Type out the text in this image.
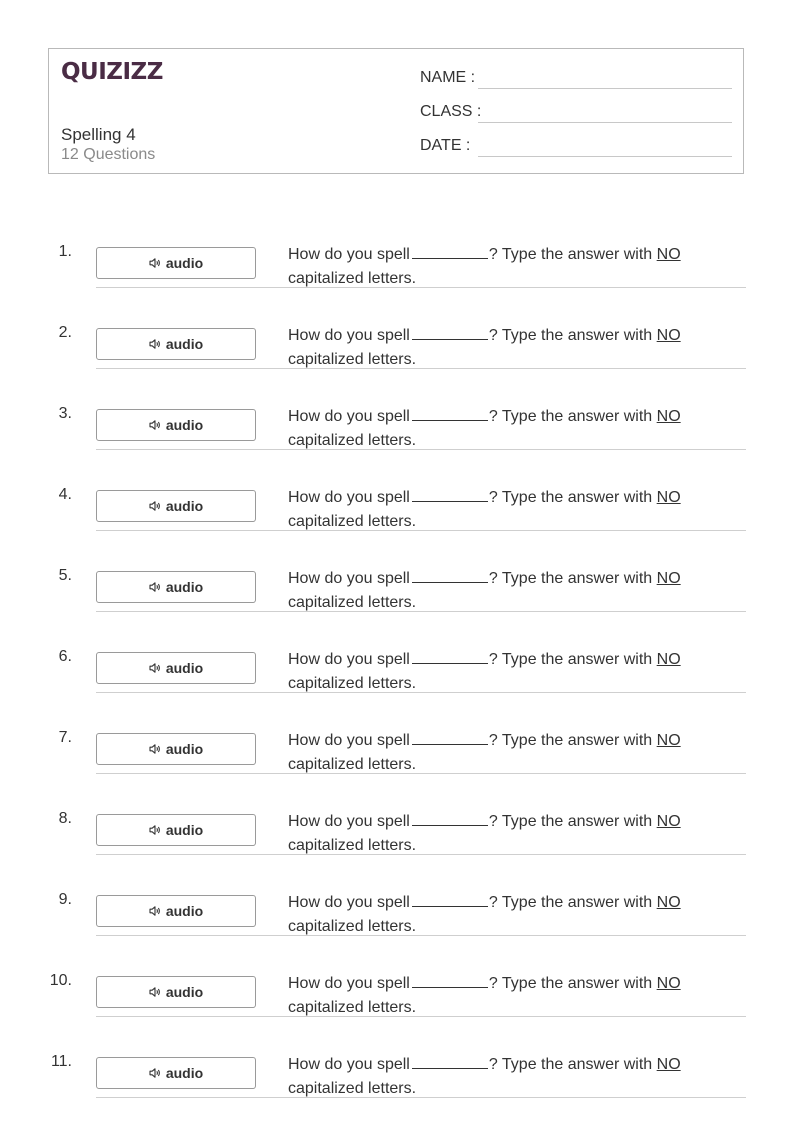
QUIZIZZ
Spelling 4
12 Questions
NAME :
CLASS :
DATE :
1.
audio	How do you spell	? Type the answer with NO
capitalized letters.
2.
audio	How do you spell	? Type the answer with NO
capitalized letters.
3.
audio	How do you spell	? Type the answer with NO
capitalized letters.
4.
audio	How do you spell	? Type the answer with NO
capitalized letters.
5.
audio	How do you spell	? Type the answer with NO
capitalized letters.
6.
audio	How do you spell	? Type the answer with NO
capitalized letters.
7.
audio	How do you spell	? Type the answer with NO
capitalized letters.
8.
audio	How do you spell	? Type the answer with NO
capitalized letters.
9.
audio	How do you spell	? Type the answer with NO
capitalized letters.
10.
audio	How do you spell	? Type the answer with NO
capitalized letters.
11.
audio	How do you spell	? Type the answer with NO
capitalized letters.
